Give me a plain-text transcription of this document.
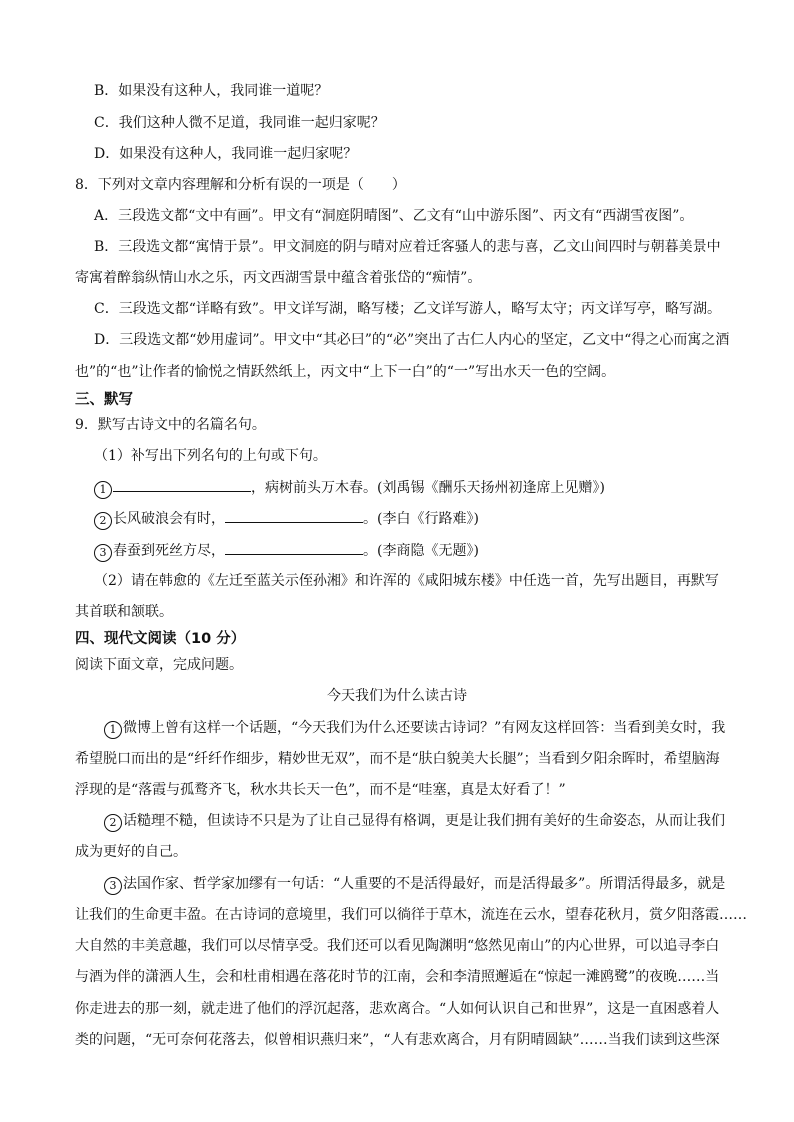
B．如果没有这种人，我同谁一道呢？
C．我们这种人微不足道，我同谁一起归家呢？
D．如果没有这种人，我同谁一起归家呢？
8．下列对文章内容理解和分析有误的一项是（　　）
A．三段选文都“文中有画”。甲文有“洞庭阴晴图”、乙文有“山中游乐图”、丙文有“西湖雪夜图”。
B．三段选文都“寓情于景”。甲文洞庭的阴与晴对应着迁客骚人的悲与喜，乙文山间四时与朝暮美景中
寄寓着醉翁纵情山水之乐，丙文西湖雪景中蕴含着张岱的“痴情”。
C．三段选文都“详略有致”。甲文详写湖，略写楼；乙文详写游人，略写太守；丙文详写亭，略写湖。
D．三段选文都“妙用虚词”。甲文中“其必曰”的“必”突出了古仁人内心的坚定，乙文中“得之心而寓之酒
也”的“也”让作者的愉悦之情跃然纸上，丙文中“上下一白”的“一”写出水天一色的空阔。
三、默写
9．默写古诗文中的名篇名句。
（1）补写出下列名句的上句或下句。
1	，病树前头万木春。(刘禹锡《酬乐天扬州初逢席上见赠》)
2 长风破浪会有时，	。(李白《行路难》)
3 春蚕到死丝方尽，	。(李商隐《无题》)
（2）请在韩愈的《左迁至蓝关示侄孙湘》和许浑的《咸阳城东楼》中任选一首，先写出题目，再默写
其首联和颔联。
四、现代文阅读（10 分）
阅读下面文章，完成问题。
今天我们为什么读古诗
1 微博上曾有这样一个话题，“今天我们为什么还要读古诗词？”有网友这样回答：当看到美女时，我
希望脱口而出的是“纤纤作细步，精妙世无双”，而不是“肤白貌美大长腿”；当看到夕阳余晖时，希望脑海
浮现的是“落霞与孤鹜齐飞，秋水共长天一色”，而不是“哇塞，真是太好看了！”
2 话糙理不糙，但读诗不只是为了让自己显得有格调，更是让我们拥有美好的生命姿态，从而让我们
成为更好的自己。
3 法国作家、哲学家加缪有一句话：“人重要的不是活得最好，而是活得最多”。所谓活得最多，就是
让我们的生命更丰盈。在古诗词的意境里，我们可以徜徉于草木，流连在云水，望春花秋月，赏夕阳落霞……
大自然的丰美意趣，我们可以尽情享受。我们还可以看见陶渊明“悠然见南山”的内心世界，可以追寻李白
与酒为伴的潇洒人生，会和杜甫相遇在落花时节的江南，会和李清照邂逅在“惊起一滩鸥鹭”的夜晚……当
你走进去的那一刻，就走进了他们的浮沉起落，悲欢离合。“人如何认识自己和世界”，这是一直困惑着人
类的问题，“无可奈何花落去，似曾相识燕归来”，“人有悲欢离合，月有阴晴圆缺”……当我们读到这些深
